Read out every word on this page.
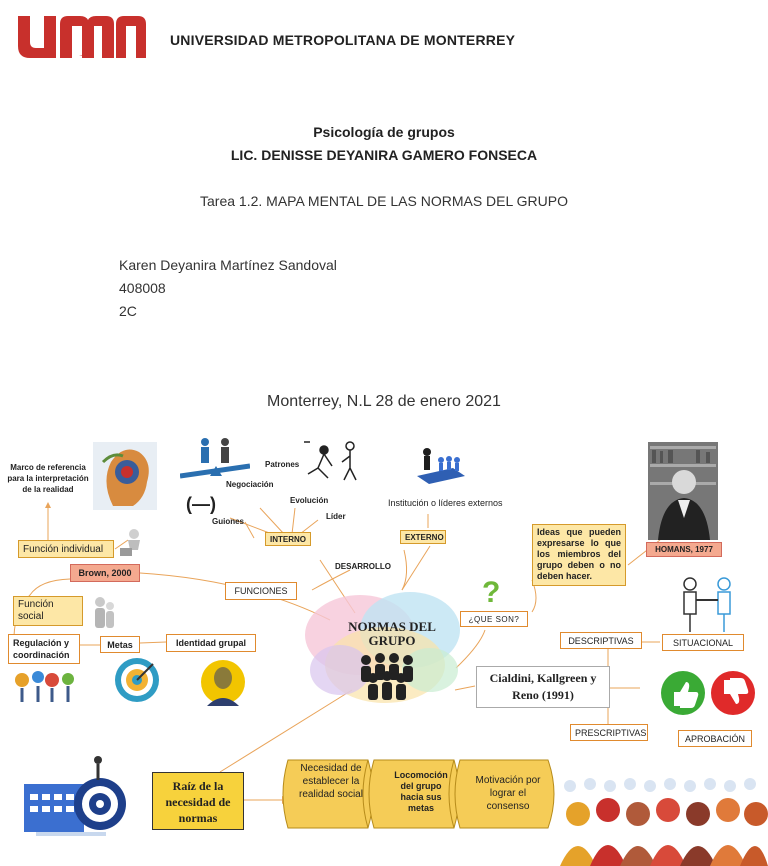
umm
UNIVERSIDAD METROPOLITANA DE MONTERREY
Psicología de grupos
LIC. DENISSE DEYANIRA GAMERO FONSECA
Tarea 1.2. MAPA MENTAL DE LAS NORMAS DEL GRUPO
Karen Deyanira Martínez Sandoval
408008
2C
Monterrey, N.L 28 de enero 2021
?
NORMAS DEL GRUPO
Marco de referencia para la interpretación de la realidad
Función individual
Brown, 2000
Función social
Regulación y coordinación
Metas	Identidad grupal
FUNCIONES
Negociación
Patrones
Evolución
Líder
Guiones
(—)
INTERNO	EXTERNO
Institución o líderes externos
DESARROLLO
Ideas que pueden expresarse lo que los miembros del grupo deben o no deben hacer.
HOMANS, 1977
¿QUE SON?
DESCRIPTIVAS	SITUACIONAL
Cialdini, Kallgreen y Reno (1991)
PRESCRIPTIVAS
APROBACIÓN
Raíz de la necesidad de normas
Necesidad de establecer la realidad social
Locomoción del grupo hacia sus metas
Motivación por lograr el consenso
